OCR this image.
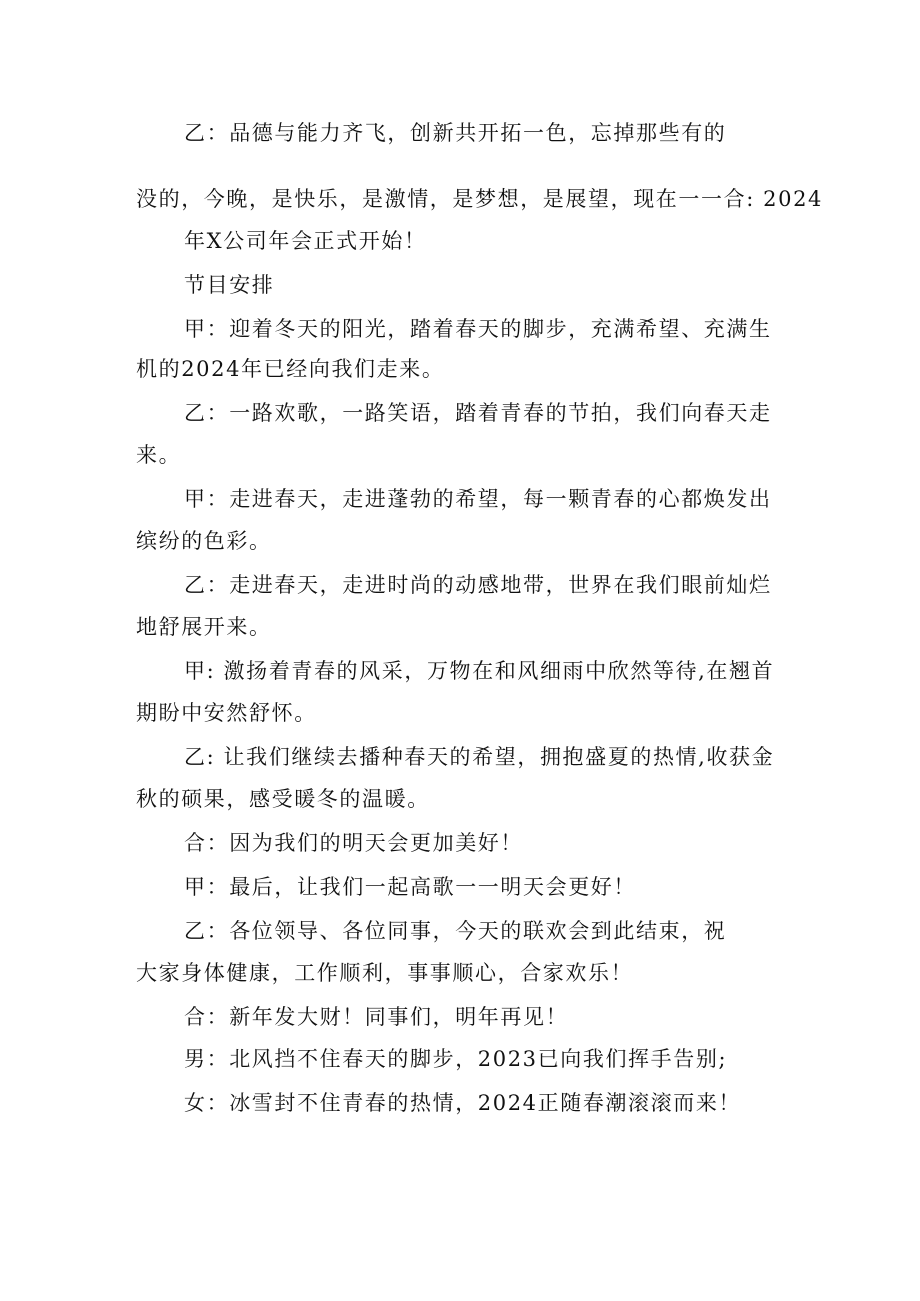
乙：品德与能力齐飞，创新共开拓一色，忘掉那些有的
没的，今晚，是快乐，是激情，是梦想，是展望，现在一一合: 2024
年X公司年会正式开始！
节目安排
甲：迎着冬天的阳光，踏着春天的脚步，充满希望、充满生
机的2024年已经向我们走来。
乙：一路欢歌，一路笑语，踏着青春的节拍，我们向春天走
来。
甲：走进春天，走进蓬勃的希望，每一颗青春的心都焕发出
缤纷的色彩。
乙：走进春天，走进时尚的动感地带，世界在我们眼前灿烂
地舒展开来。
甲: 激扬着青春的风采，万物在和风细雨中欣然等待,在翘首
期盼中安然舒怀。
乙: 让我们继续去播种春天的希望，拥抱盛夏的热情,收获金
秋的硕果，感受暖冬的温暖。
合：因为我们的明天会更加美好！
甲：最后，让我们一起高歌一一明天会更好！
乙：各位领导、各位同事，今天的联欢会到此结束，祝
大家身体健康，工作顺利，事事顺心，合家欢乐！
合：新年发大财！同事们，明年再见！
男：北风挡不住春天的脚步，2023已向我们挥手告别;
女：冰雪封不住青春的热情，2024正随春潮滚滚而来！
